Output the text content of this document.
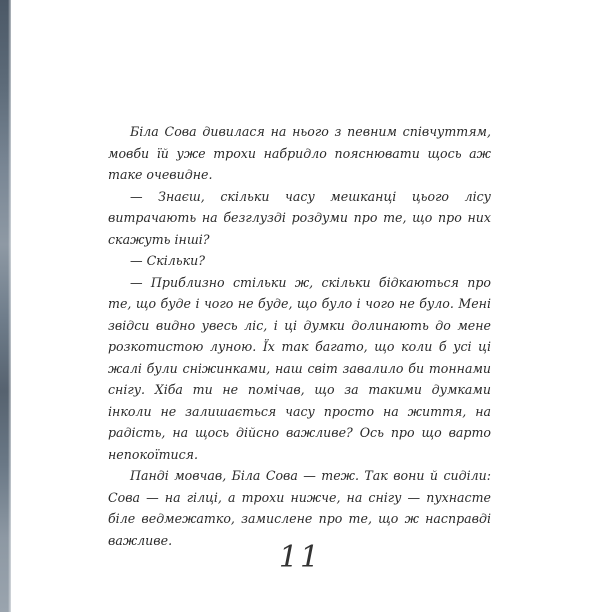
Біла Сова дивилася на нього з певним співчуттям, мовби їй уже трохи набридло пояснювати щось аж таке очевидне.

— Знаєш, скільки часу мешканці цього лісу витрачають на безглузді роздуми про те, що про них скажуть інші?

— Скільки?

— Приблизно стільки ж, скільки бідкаються про те, що буде і чого не буде, що було і чого не було. Мені звідси видно увесь ліс, і ці думки долинають до мене розкотистою луною. Їх так багато, що коли б усі ці жалі були сніжинками, наш світ завалило би тоннами снігу. Хіба ти не помічав, що за такими думками інколи не залишається часу просто на життя, на радість, на щось дійсно важливе? Ось про що варто непокоїтися.

Панді мовчав, Біла Сова — теж. Так вони й сиділи: Сова — на гілці, а трохи нижче, на снігу — пухнасте біле ведмежатко, замислене про те, що ж насправді важливе.	11
